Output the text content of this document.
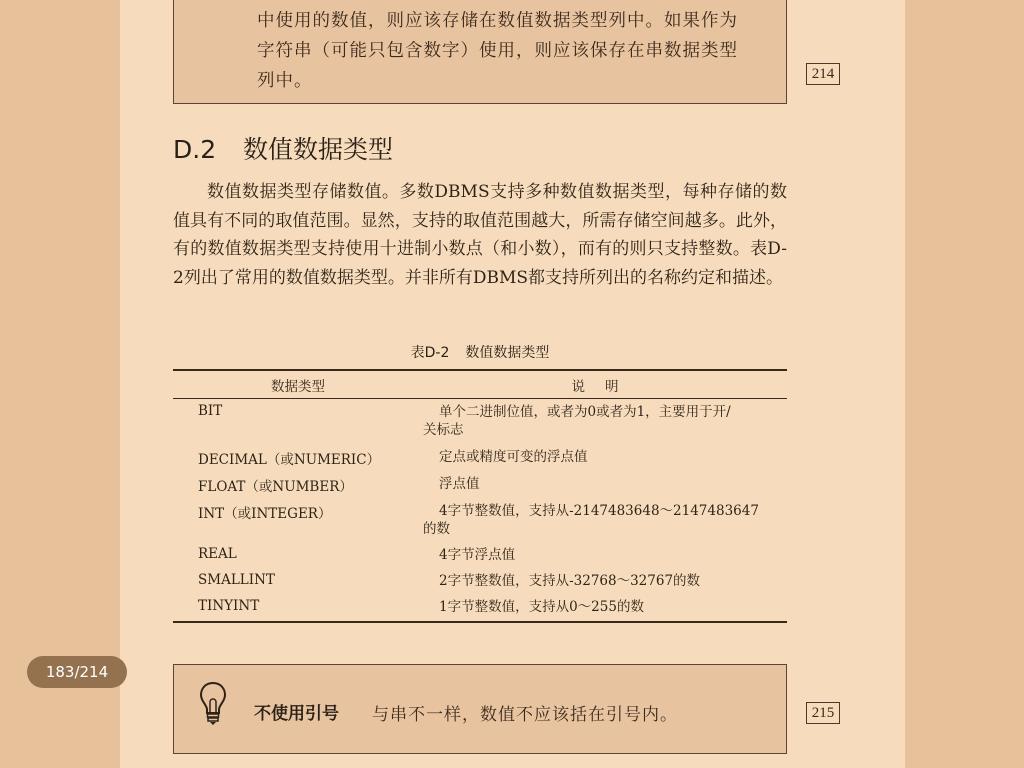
中使用的数值，则应该存储在数值数据类型列中。如果作为
字符串（可能只包含数字）使用，则应该保存在串数据类型
列中。	214
D.2 数值数据类型

数值数据类型存储数值。多数DBMS支持多种数值数据类型，每种存储的数值具有不同的取值范围。显然，支持的取值范围越大，所需存储空间越多。此外，有的数值数据类型支持使用十进制小数点（和小数），而有的则只支持整数。表D-2列出了常用的数值数据类型。并非所有DBMS都支持所列出的名称约定和描述。

表D-2 数值数据类型
数据类型	说明
BIT	单个二进制位值，或者为0或者为1，主要用于开/
关标志

DECIMAL（或NUMERIC）	定点或精度可变的浮点值

FLOAT（或NUMBER）	浮点值

INT（或INTEGER）	4字节整数值，支持从-2147483648～2147483647
的数

REAL	4字节浮点值

SMALLINT	2字节整数值，支持从-32768～32767的数

TINYINT	1字节整数值，支持从0～255的数
不使用引号 与串不一样，数值不应该括在引号内。	215
183/214
